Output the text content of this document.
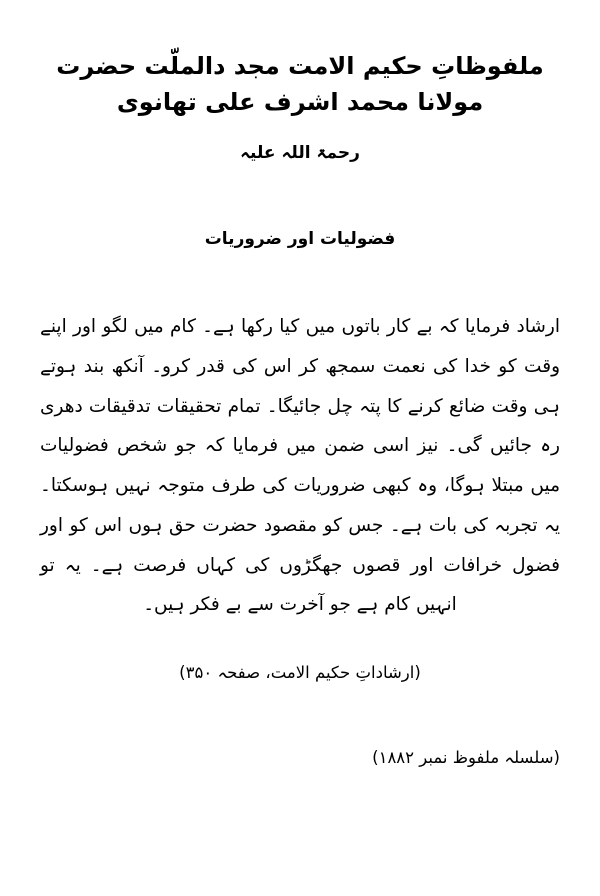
ملفوظاتِ حکیم الامت مجد دالملّت حضرت مولانا محمد اشرف علی تھانوی
رحمۃ اللہ علیہ
فضولیات اور ضروریات
ارشاد فرمایا کہ بے کار باتوں میں کیا رکھا ہے۔ کام میں لگو اور اپنے وقت کو خدا کی نعمت سمجھ کر اس کی قدر کرو۔ آنکھ بند ہوتے ہی وقت ضائع کرنے کا پتہ چل جائیگا۔ تمام تحقیقات تدقیقات دھری رہ جائیں گی۔ نیز اسی ضمن میں فرمایا کہ جو شخص فضولیات میں مبتلا ہوگا، وہ کبھی ضروریات کی طرف متوجہ نہیں ہوسکتا۔ یہ تجربہ کی بات ہے۔ جس کو مقصود حضرت حق ہوں اس کو اور فضول خرافات اور قصوں جھگڑوں کی کہاں فرصت ہے۔ یہ تو انہیں کام ہے جو آخرت سے بے فکر ہیں۔
(ارشاداتِ حکیم الامت، صفحہ ۳۵۰)
(سلسلہ ملفوظ نمبر ۱۸۸۲)
